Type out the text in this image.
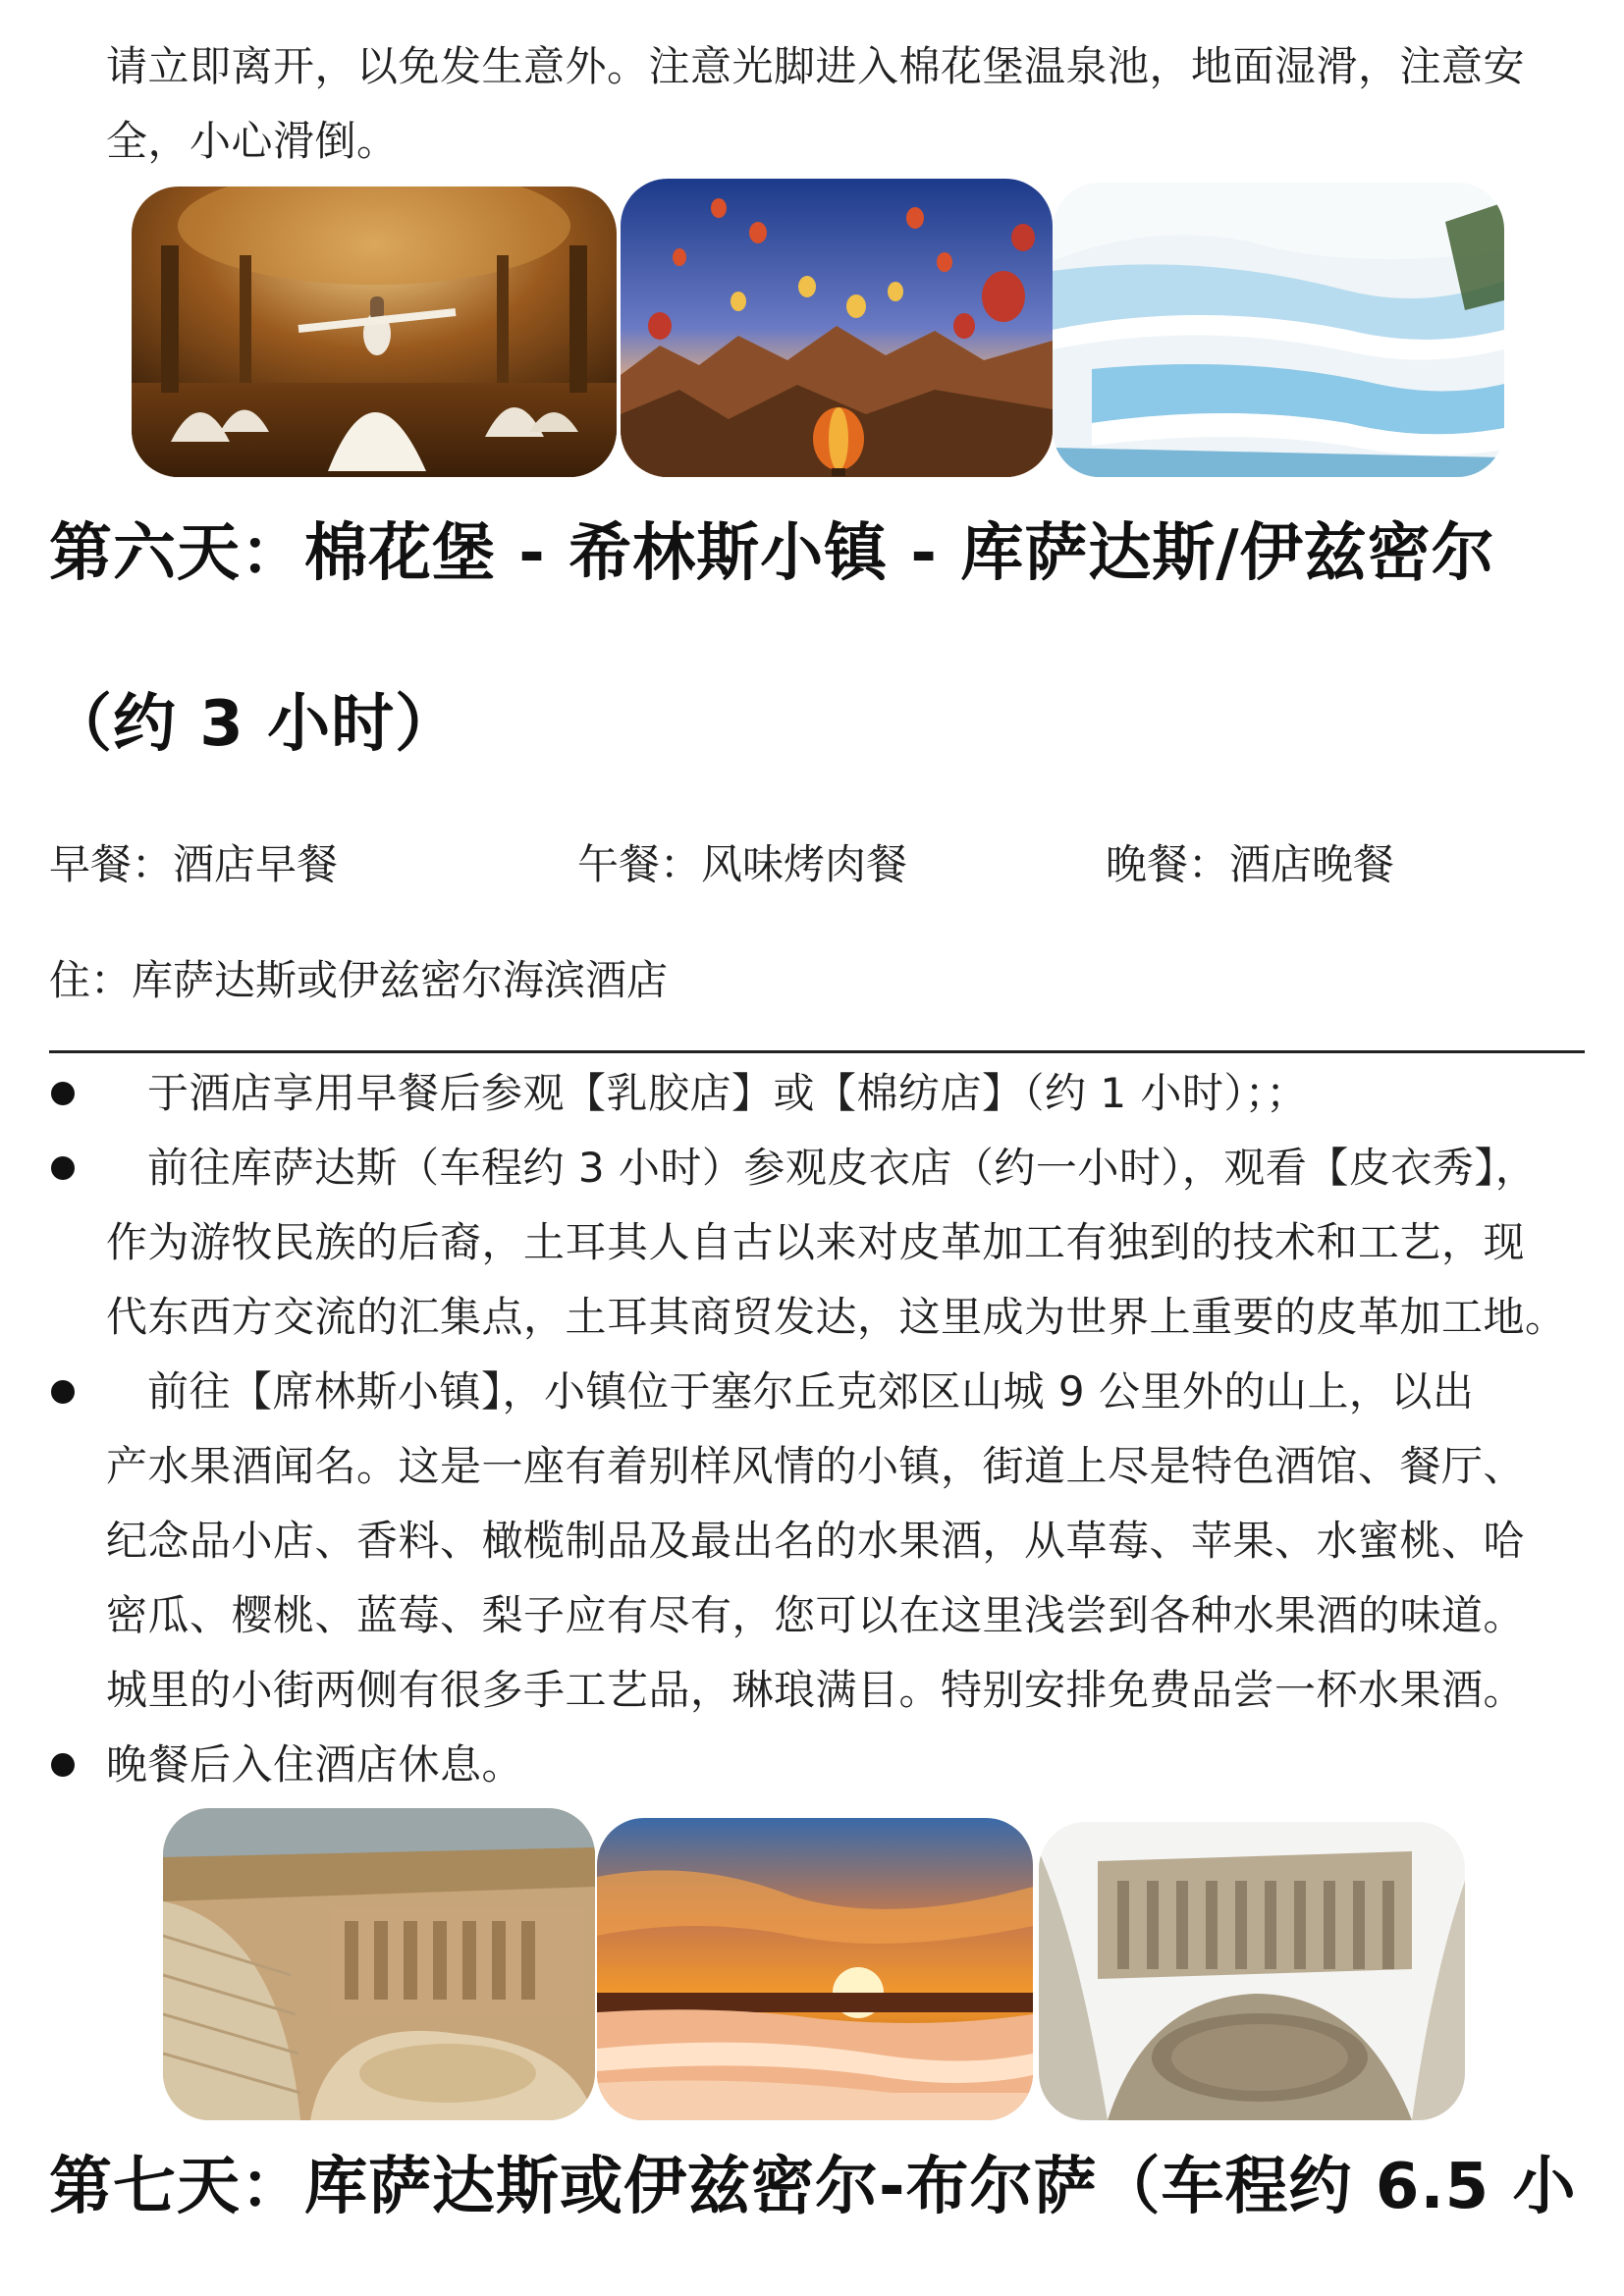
请立即离开，以免发生意外。注意光脚进入棉花堡温泉池，地面湿滑，注意安
全，小心滑倒。
第六天：棉花堡 - 希林斯小镇 - 库萨达斯/伊兹密尔
（约 3 小时）
早餐：酒店早餐	午餐：风味烤肉餐	晚餐：酒店晚餐
住：库萨达斯或伊兹密尔海滨酒店
于酒店享用早餐后参观【乳胶店】或【棉纺店】（约 1 小时）；；
前往库萨达斯（车程约 3 小时）参观皮衣店（约一小时），观看【皮衣秀】，
作为游牧民族的后裔，土耳其人自古以来对皮革加工有独到的技术和工艺，现
代东西方交流的汇集点，土耳其商贸发达，这里成为世界上重要的皮革加工地。
前往【席林斯小镇】，小镇位于塞尔丘克郊区山城 9 公里外的山上，以出
产水果酒闻名。这是一座有着别样风情的小镇，街道上尽是特色酒馆、餐厅、
纪念品小店、香料、橄榄制品及最出名的水果酒，从草莓、苹果、水蜜桃、哈
密瓜、樱桃、蓝莓、梨子应有尽有，您可以在这里浅尝到各种水果酒的味道。
城里的小街两侧有很多手工艺品，琳琅满目。特别安排免费品尝一杯水果酒。
晚餐后入住酒店休息。
第七天：库萨达斯或伊兹密尔-布尔萨（车程约 6.5 小
